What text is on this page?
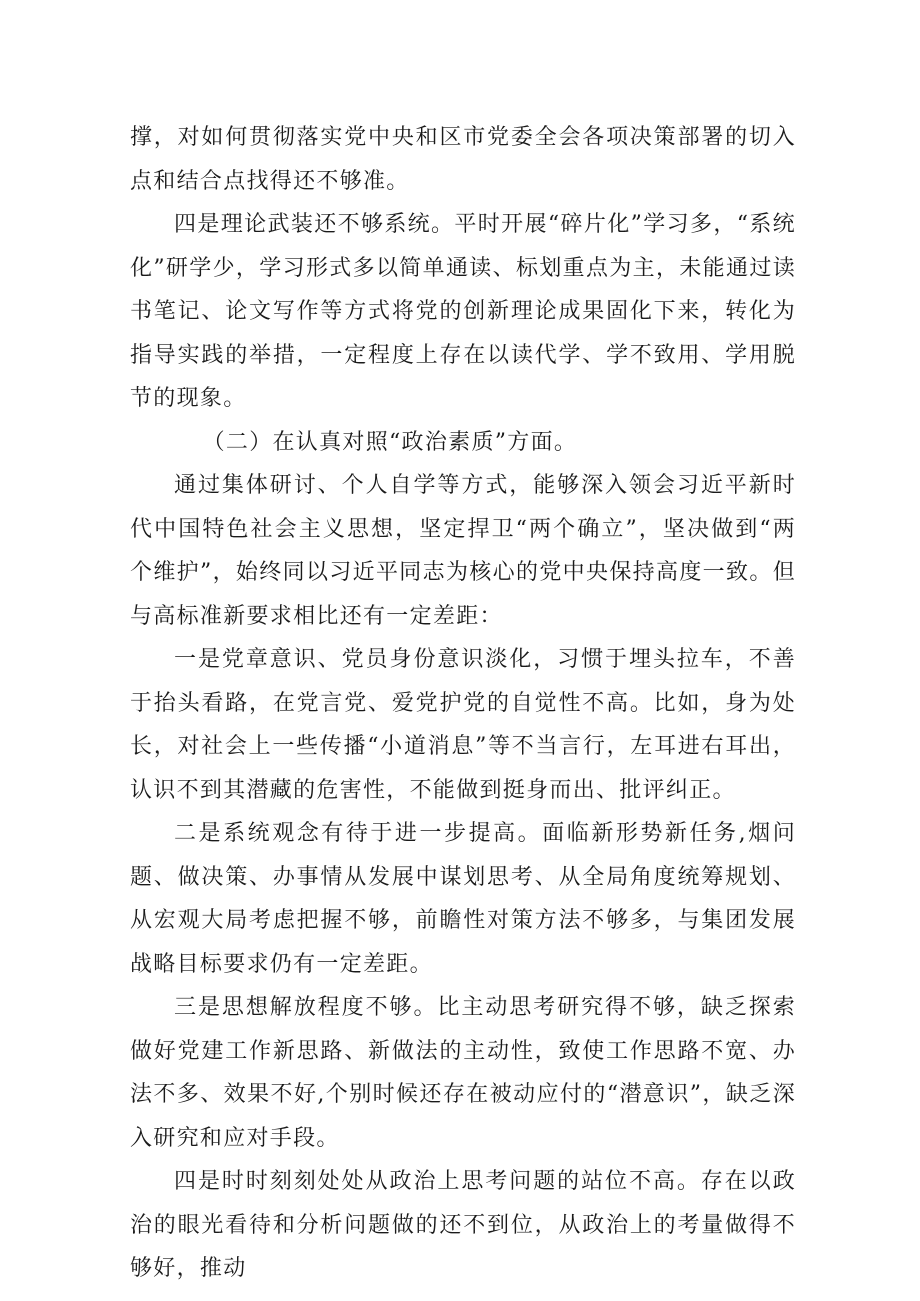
撑，对如何贯彻落实党中央和区市党委全会各项决策部署的切入点和结合点找得还不够准。

四是理论武装还不够系统。平时开展“碎片化”学习多，“系统化”研学少，学习形式多以简单通读、标划重点为主，未能通过读书笔记、论文写作等方式将党的创新理论成果固化下来，转化为指导实践的举措，一定程度上存在以读代学、学不致用、学用脱节的现象。

（二）在认真对照“政治素质”方面。

通过集体研讨、个人自学等方式，能够深入领会习近平新时代中国特色社会主义思想，坚定捍卫“两个确立”，坚决做到“两个维护”，始终同以习近平同志为核心的党中央保持高度一致。但与高标准新要求相比还有一定差距：

一是党章意识、党员身份意识淡化，习惯于埋头拉车，不善于抬头看路，在党言党、爱党护党的自觉性不高。比如，身为处长，对社会上一些传播“小道消息”等不当言行，左耳进右耳出，认识不到其潜藏的危害性，不能做到挺身而出、批评纠正。

二是系统观念有待于进一步提高。面临新形势新任务,烟问题、做决策、办事情从发展中谋划思考、从全局角度统筹规划、从宏观大局考虑把握不够，前瞻性对策方法不够多，与集团发展战略目标要求仍有一定差距。

三是思想解放程度不够。比主动思考研究得不够，缺乏探索做好党建工作新思路、新做法的主动性，致使工作思路不宽、办法不多、效果不好,个别时候还存在被动应付的“潜意识”，缺乏深入研究和应对手段。

四是时时刻刻处处从政治上思考问题的站位不高。存在以政治的眼光看待和分析问题做的还不到位，从政治上的考量做得不够好，推动
